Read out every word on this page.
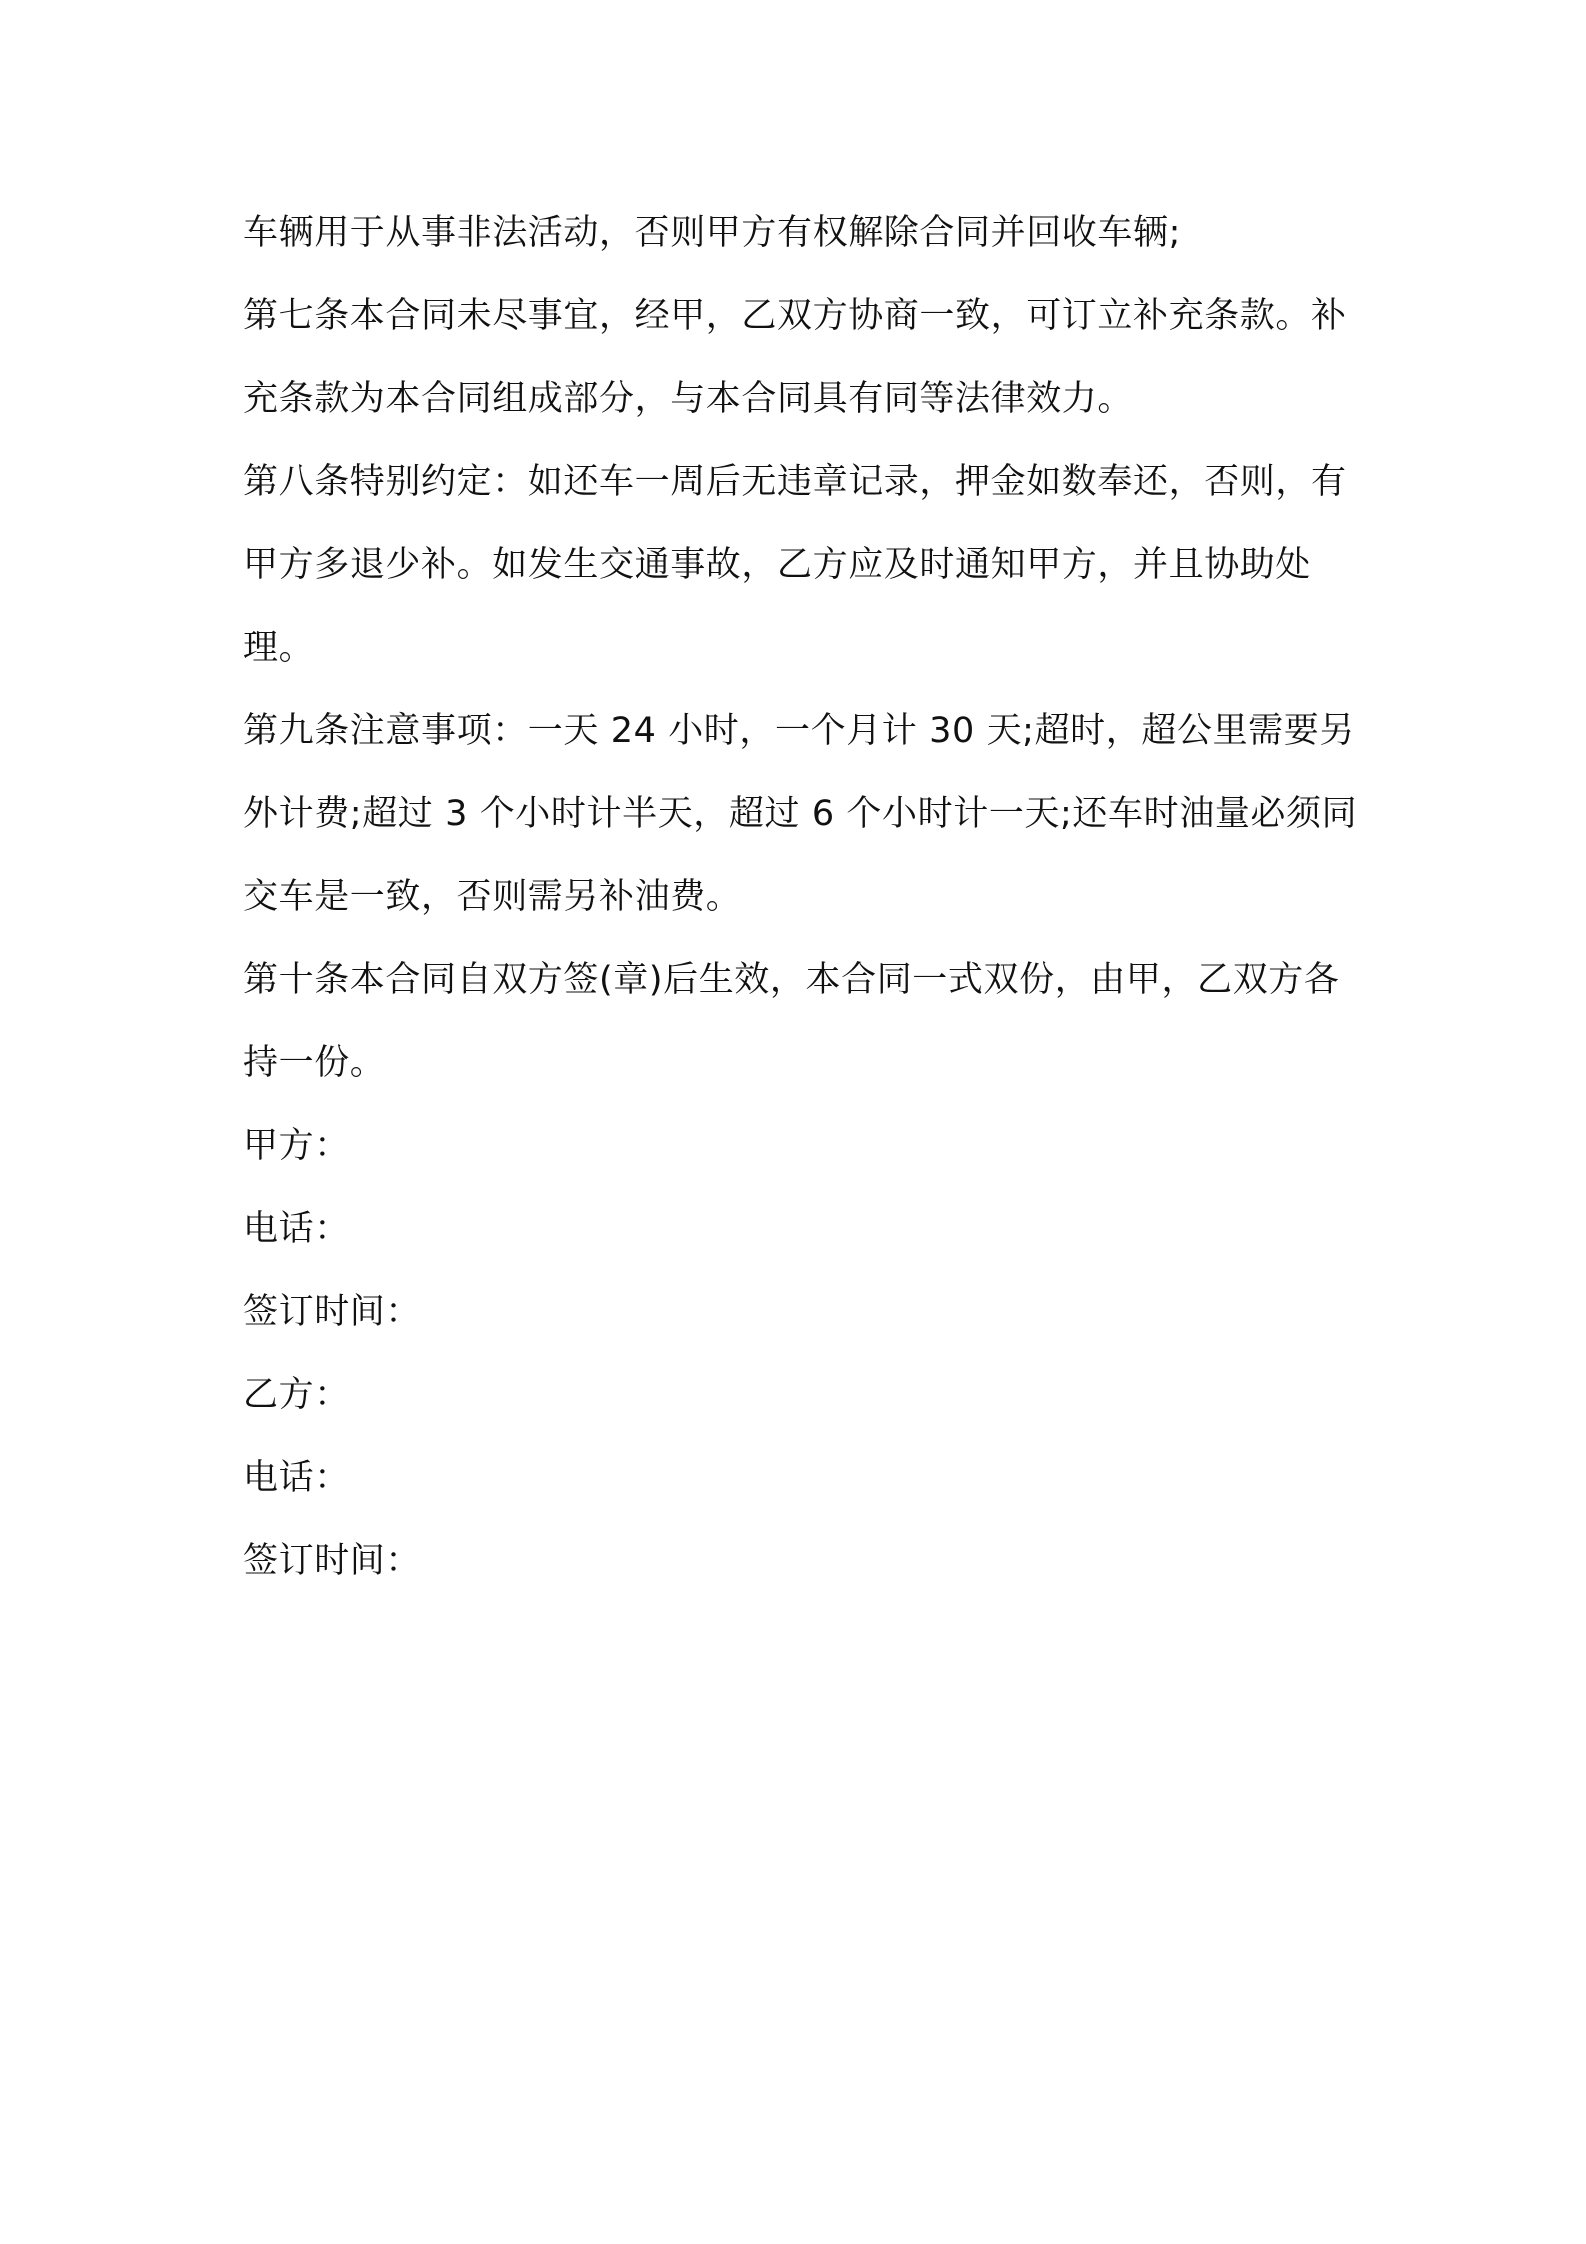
车辆用于从事非法活动，否则甲方有权解除合同并回收车辆;

第七条本合同未尽事宜，经甲，乙双方协商一致，可订立补充条款。补充条款为本合同组成部分，与本合同具有同等法律效力。

第八条特别约定：如还车一周后无违章记录，押金如数奉还，否则，有甲方多退少补。如发生交通事故，乙方应及时通知甲方，并且协助处理。

第九条注意事项：一天 24 小时，一个月计 30 天;超时，超公里需要另外计费;超过 3 个小时计半天，超过 6 个小时计一天;还车时油量必须同交车是一致，否则需另补油费。

第十条本合同自双方签(章)后生效，本合同一式双份，由甲，乙双方各持一份。

甲方：

电话：

签订时间：

乙方：

电话：

签订时间：
